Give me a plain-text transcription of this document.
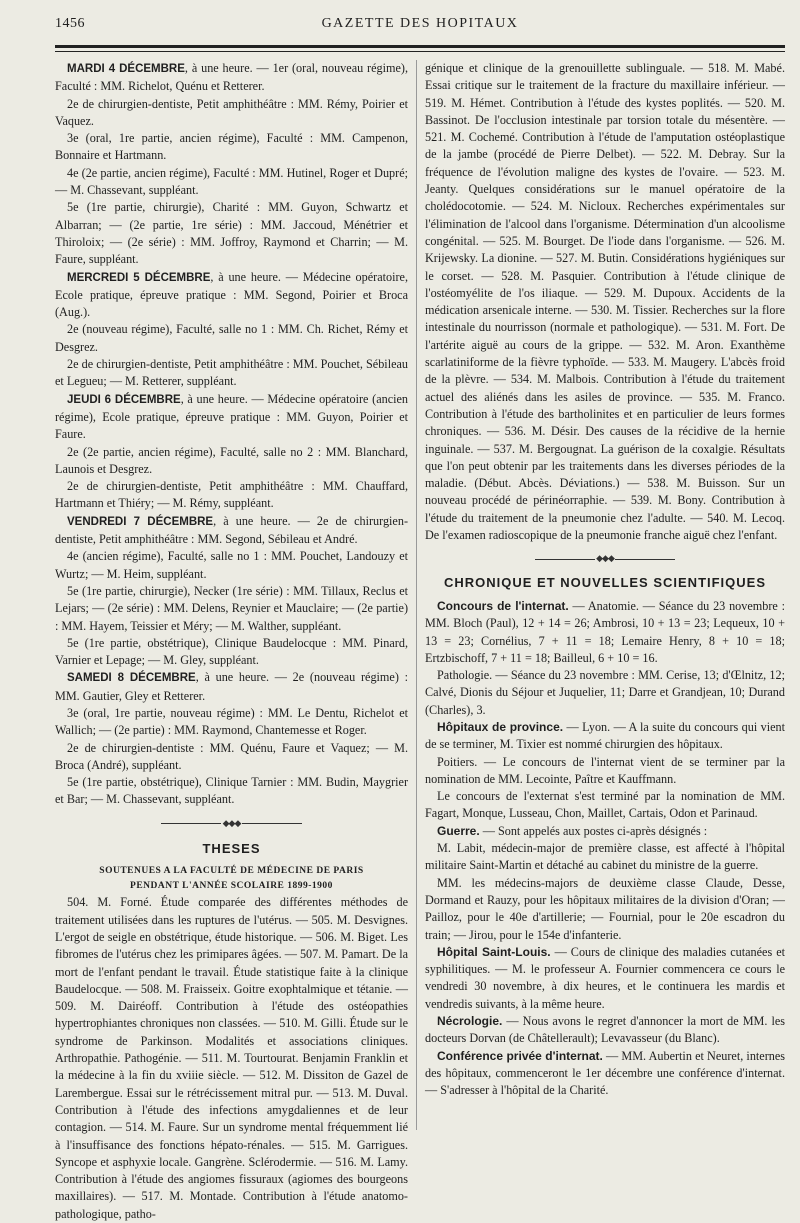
1456	GAZETTE DES HOPITAUX

MARDI 4 DÉCEMBRE, à une heure. — 1er (oral, nouveau régime), Faculté : MM. Richelot, Quénu et Retterer.

2e de chirurgien-dentiste, Petit amphithéâtre : MM. Rémy, Poirier et Vaquez.

3e (oral, 1re partie, ancien régime), Faculté : MM. Campenon, Bonnaire et Hartmann.

4e (2e partie, ancien régime), Faculté : MM. Hutinel, Roger et Dupré; — M. Chassevant, suppléant.

5e (1re partie, chirurgie), Charité : MM. Guyon, Schwartz et Albarran; — (2e partie, 1re série) : MM. Jaccoud, Ménétrier et Thiroloix; — (2e série) : MM. Joffroy, Raymond et Charrin; — M. Faure, suppléant.

MERCREDI 5 DÉCEMBRE, à une heure. — Médecine opératoire, Ecole pratique, épreuve pratique : MM. Segond, Poirier et Broca (Aug.).

2e (nouveau régime), Faculté, salle no 1 : MM. Ch. Richet, Rémy et Desgrez.

2e de chirurgien-dentiste, Petit amphithéâtre : MM. Pouchet, Sébileau et Legueu; — M. Retterer, suppléant.

JEUDI 6 DÉCEMBRE, à une heure. — Médecine opératoire (ancien régime), Ecole pratique, épreuve pratique : MM. Guyon, Poirier et Faure.

2e (2e partie, ancien régime), Faculté, salle no 2 : MM. Blanchard, Launois et Desgrez.

2e de chirurgien-dentiste, Petit amphithéâtre : MM. Chauffard, Hartmann et Thiéry; — M. Rémy, suppléant.

VENDREDI 7 DÉCEMBRE, à une heure. — 2e de chirurgien-dentiste, Petit amphithéâtre : MM. Segond, Sébileau et André.

4e (ancien régime), Faculté, salle no 1 : MM. Pouchet, Landouzy et Wurtz; — M. Heim, suppléant.

5e (1re partie, chirurgie), Necker (1re série) : MM. Tillaux, Reclus et Lejars; — (2e série) : MM. Delens, Reynier et Mauclaire; — (2e partie) : MM. Hayem, Teissier et Méry; — M. Walther, suppléant.

5e (1re partie, obstétrique), Clinique Baudelocque : MM. Pinard, Varnier et Lepage; — M. Gley, suppléant.

SAMEDI 8 DÉCEMBRE, à une heure. — 2e (nouveau régime) : MM. Gautier, Gley et Retterer.

3e (oral, 1re partie, nouveau régime) : MM. Le Dentu, Richelot et Wallich; — (2e partie) : MM. Raymond, Chantemesse et Roger.

2e de chirurgien-dentiste : MM. Quénu, Faure et Vaquez; — M. Broca (André), suppléant.

5e (1re partie, obstétrique), Clinique Tarnier : MM. Budin, Maygrier et Bar; — M. Chassevant, suppléant.

◆◆◆

THESES

SOUTENUES A LA FACULTÉ DE MÉDECINE DE PARIS

PENDANT L'ANNÉE SCOLAIRE 1899-1900

504. M. Forné. Étude comparée des différentes méthodes de traitement utilisées dans les ruptures de l'utérus. — 505. M. Desvignes. L'ergot de seigle en obstétrique, étude historique. — 506. M. Biget. Les fibromes de l'utérus chez les primipares âgées. — 507. M. Pamart. De la mort de l'enfant pendant le travail. Étude statistique faite à la clinique Baudelocque. — 508. M. Fraisseix. Goitre exophtalmique et tétanie. — 509. M. Dairéoff. Contribution à l'étude des ostéopathies hypertrophiantes chroniques non classées. — 510. M. Gilli. Étude sur le syndrome de Parkinson. Modalités et associations cliniques. Arthropathie. Pathogénie. — 511. M. Tourtourat. Benjamin Franklin et la médecine à la fin du xviiie siècle. — 512. M. Dissiton de Gazel de Larembergue. Essai sur le rétrécissement mitral pur. — 513. M. Duval. Contribution à l'étude des infections amygdaliennes et de leur contagion. — 514. M. Faure. Sur un syndrome mental fréquemment lié à l'insuffisance des fonctions hépato-rénales. — 515. M. Garrigues. Syncope et asphyxie locale. Gangrène. Sclérodermie. — 516. M. Lamy. Contribution à l'étude des angiomes fissuraux (agiomes des bourgeons maxillaires). — 517. M. Montade. Contribution à l'étude anatomo-pathologique, patho-

génique et clinique de la grenouillette sublinguale. — 518. M. Mabé. Essai critique sur le traitement de la fracture du maxillaire inférieur. — 519. M. Hémet. Contribution à l'étude des kystes poplités. — 520. M. Bassinot. De l'occlusion intestinale par torsion totale du mésentère. — 521. M. Cochemé. Contribution à l'étude de l'amputation ostéoplastique de la jambe (procédé de Pierre Delbet). — 522. M. Debray. Sur la fréquence de l'évolution maligne des kystes de l'ovaire. — 523. M. Jeanty. Quelques considérations sur le manuel opératoire de la cholédocotomie. — 524. M. Nicloux. Recherches expérimentales sur l'élimination de l'alcool dans l'organisme. Détermination d'un alcoolisme congénital. — 525. M. Bourget. De l'iode dans l'organisme. — 526. M. Krijewsky. La dionine. — 527. M. Butin. Considérations hygiéniques sur le corset. — 528. M. Pasquier. Contribution à l'étude clinique de l'ostéomyélite de l'os iliaque. — 529. M. Dupoux. Accidents de la médication arsenicale interne. — 530. M. Tissier. Recherches sur la flore intestinale du nourrisson (normale et pathologique). — 531. M. Fort. De l'artérite aiguë au cours de la grippe. — 532. M. Aron. Exanthème scarlatiniforme de la fièvre typhoïde. — 533. M. Maugery. L'abcès froid de la plèvre. — 534. M. Malbois. Contribution à l'étude du traitement actuel des aliénés dans les asiles de province. — 535. M. Franco. Contribution à l'étude des bartholinites et en particulier de leurs formes chroniques. — 536. M. Désir. Des causes de la récidive de la hernie inguinale. — 537. M. Bergougnat. La guérison de la coxalgie. Résultats que l'on peut obtenir par les traitements dans les diverses périodes de la maladie. (Début. Abcès. Déviations.) — 538. M. Buisson. Sur un nouveau procédé de périnéorraphie. — 539. M. Bony. Contribution à l'étude du traitement de la pneumonie chez l'adulte. — 540. M. Lecoq. De l'examen radioscopique de la pneumonie franche aiguë chez l'enfant.

◆◆◆

CHRONIQUE ET NOUVELLES SCIENTIFIQUES

Concours de l'internat. — Anatomie. — Séance du 23 novembre : MM. Bloch (Paul), 12 + 14 = 26; Ambrosi, 10 + 13 = 23; Lequeux, 10 + 13 = 23; Cornélius, 7 + 11 = 18; Lemaire Henry, 8 + 10 = 18; Ertzbischoff, 7 + 11 = 18; Bailleul, 6 + 10 = 16.

Pathologie. — Séance du 23 novembre : MM. Cerise, 13; d'Œlnitz, 12; Calvé, Dionis du Séjour et Juquelier, 11; Darre et Grandjean, 10; Durand (Charles), 3.

Hôpitaux de province. — Lyon. — A la suite du concours qui vient de se terminer, M. Tixier est nommé chirurgien des hôpitaux.

Poitiers. — Le concours de l'internat vient de se terminer par la nomination de MM. Lecointe, Paître et Kauffmann.

Le concours de l'externat s'est terminé par la nomination de MM. Fagart, Monque, Lusseau, Chon, Maillet, Cartais, Odon et Parinaud.

Guerre. — Sont appelés aux postes ci-après désignés :

M. Labit, médecin-major de première classe, est affecté à l'hôpital militaire Saint-Martin et détaché au cabinet du ministre de la guerre.

MM. les médecins-majors de deuxième classe Claude, Desse, Dormand et Rauzy, pour les hôpitaux militaires de la division d'Oran; — Pailloz, pour le 40e d'artillerie; — Fournial, pour le 20e escadron du train; — Jirou, pour le 154e d'infanterie.

Hôpital Saint-Louis. — Cours de clinique des maladies cutanées et syphilitiques. — M. le professeur A. Fournier commencera ce cours le vendredi 30 novembre, à dix heures, et le continuera les mardis et vendredis suivants, à la même heure.

Nécrologie. — Nous avons le regret d'annoncer la mort de MM. les docteurs Dorvan (de Châtellerault); Levavasseur (du Blanc).

Conférence privée d'internat. — MM. Aubertin et Neuret, internes des hôpitaux, commenceront le 1er décembre une conférence d'internat. — S'adresser à l'hôpital de la Charité.
